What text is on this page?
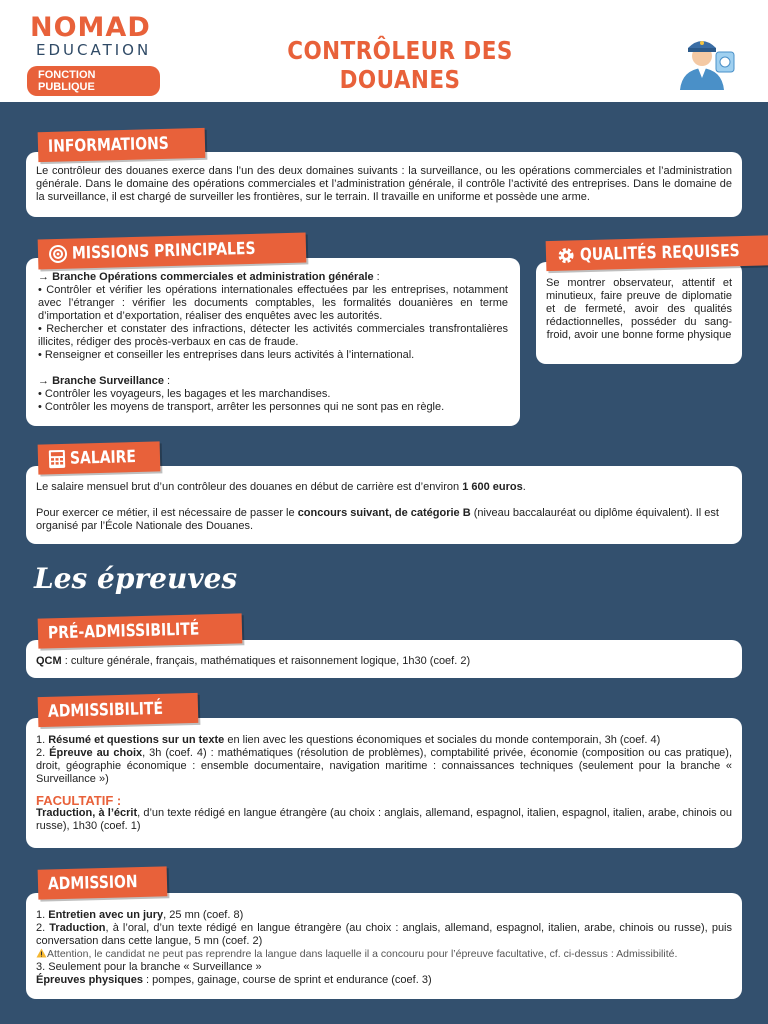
NOMAD
EDUCATION
FONCTION PUBLIQUE
CONTRÔLEUR DES DOUANES

Le contrôleur des douanes exerce dans l’un des deux domaines suivants : la surveillance, ou les opérations commerciales et l’administration générale. Dans le domaine des opérations commerciales et l’administration générale, il contrôle l’activité des entreprises. Dans le domaine de la surveillance, il est chargé de surveiller les frontières, sur le terrain. Il travaille en uniforme et possède une arme.

INFORMATIONS

→ Branche Opérations commerciales et administration générale :

• Contrôler et vérifier les opérations internationales effectuées par les entreprises, notamment avec l’étranger : vérifier les documents comptables, les formalités douanières en terme d’importation et d’exportation, réaliser des enquêtes avec les autorités.

• Rechercher et constater des infractions, détecter les activités commerciales transfrontalières illicites, rédiger des procès-verbaux en cas de fraude.

• Renseigner et conseiller les entreprises dans leurs activités à l’international.

→ Branche Surveillance :

• Contrôler les voyageurs, les bagages et les marchandises.

• Contrôler les moyens de transport, arrêter les personnes qui ne sont pas en règle.

MISSIONS PRINCIPALES

Se montrer observateur, attentif et minutieux, faire preuve de diplomatie et de fermeté, avoir des qualités rédactionnelles, posséder du sang-froid, avoir une bonne forme physique

QUALITÉS REQUISES

Le salaire mensuel brut d’un contrôleur des douanes en début de carrière est d’environ 1 600 euros.

Pour exercer ce métier, il est nécessaire de passer le concours suivant, de catégorie B (niveau baccalauréat ou diplôme équivalent). Il est organisé par l’École Nationale des Douanes.

SALAIRE
Les épreuves

QCM : culture générale, français, mathématiques et raisonnement logique, 1h30 (coef. 2)

PRÉ-ADMISSIBILITÉ

1. Résumé et questions sur un texte en lien avec les questions économiques et sociales du monde contemporain, 3h (coef. 4)

2. Épreuve au choix, 3h (coef. 4) : mathématiques (résolution de problèmes), comptabilité privée, économie (composition ou cas pratique), droit, géographie économique : ensemble documentaire, navigation maritime : connaissances techniques (seulement pour la branche « Surveillance »)

FACULTATIF :

Traduction, à l’écrit, d’un texte rédigé en langue étrangère (au choix : anglais, allemand, espagnol, italien, espagnol, italien, arabe, chinois ou russe), 1h30 (coef. 1)

ADMISSIBILITÉ

1. Entretien avec un jury, 25 mn (coef. 8)

2. Traduction, à l’oral, d’un texte rédigé en langue étrangère (au choix : anglais, allemand, espagnol, italien, arabe, chinois ou russe), puis conversation dans cette langue, 5 mn (coef. 2)

Attention, le candidat ne peut pas reprendre la langue dans laquelle il a concouru pour l’épreuve facultative, cf. ci-dessus : Admissibilité.

3. Seulement pour la branche « Surveillance »

Épreuves physiques : pompes, gainage, course de sprint et endurance (coef. 3)

ADMISSION
